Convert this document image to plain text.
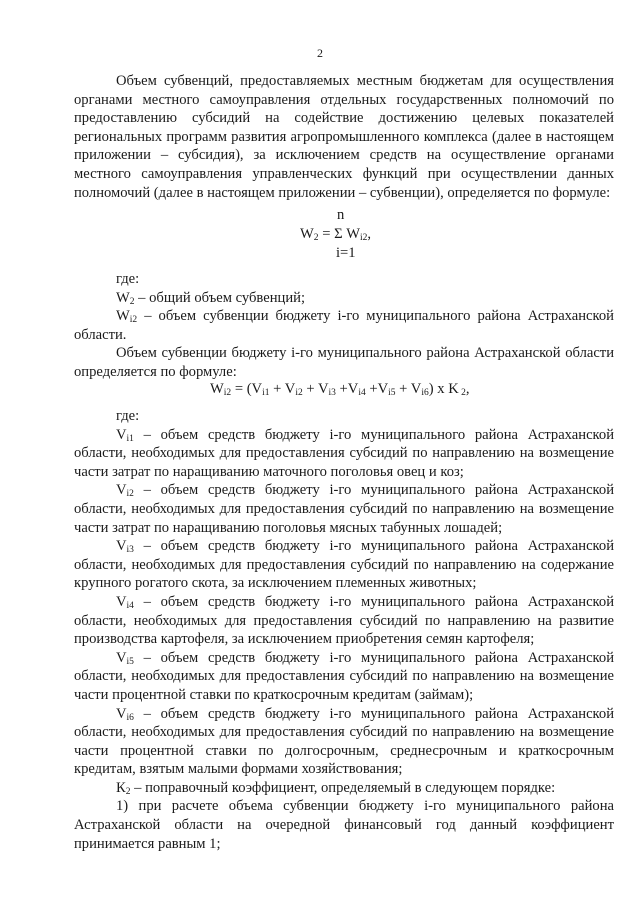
2

Объем субвенций, предоставляемых местным бюджетам для осуществления органами местного самоуправления отдельных государственных полномочий по предоставлению субсидий на содействие достижению целевых показателей региональных программ развития агропромышленного комплекса (далее в настоящем приложении – субсидия), за исключением средств на осуществление органами местного самоуправления управленческих функций при осуществлении данных полномочий (далее в настоящем приложении – субвенции), определяется по формуле:

n
$W_2 = \Sigma$ $W_{i2}$,
i=1

где:

$W_2$ – общий объем субвенций;

$W_{i2}$ – объем субвенции бюджету i-го муниципального района Астраханской области.

Объем субвенции бюджету i-го муниципального района Астраханской области определяется по формуле:

$W_{i2} = (V_{i1} + V_{i2} + V_{i3} +V_{i4} +V_{i5} + V_{i6})$ x K $_2$,

где:

$V_{i1}$ – объем средств бюджету i-го муниципального района Астраханской области, необходимых для предоставления субсидий по направлению на возмещение части затрат по наращиванию маточного поголовья овец и коз;

$V_{i2}$ – объем средств бюджету i-го муниципального района Астраханской области, необходимых для предоставления субсидий по направлению на возмещение части затрат по наращиванию поголовья мясных табунных лошадей;

$V_{i3}$ – объем средств бюджету i-го муниципального района Астраханской области, необходимых для предоставления субсидий по направлению на содержание крупного рогатого скота, за исключением племенных животных;

$V_{i4}$ – объем средств бюджету i-го муниципального района Астраханской области, необходимых для предоставления субсидий по направлению на развитие производства картофеля, за исключением приобретения семян картофеля;

$V_{i5}$ – объем средств бюджету i-го муниципального района Астраханской области, необходимых для предоставления субсидий по направлению на возмещение части процентной ставки по краткосрочным кредитам (займам);

$V_{i6}$ – объем средств бюджету i-го муниципального района Астраханской области, необходимых для предоставления субсидий по направлению на возмещение части процентной ставки по долгосрочным, среднесрочным и краткосрочным кредитам, взятым малыми формами хозяйствования;

$К_2$ – поправочный коэффициент, определяемый в следующем порядке:

1) при расчете объема субвенции бюджету i-го муниципального района Астраханской области на очередной финансовый год данный коэффициент принимается равным 1;
